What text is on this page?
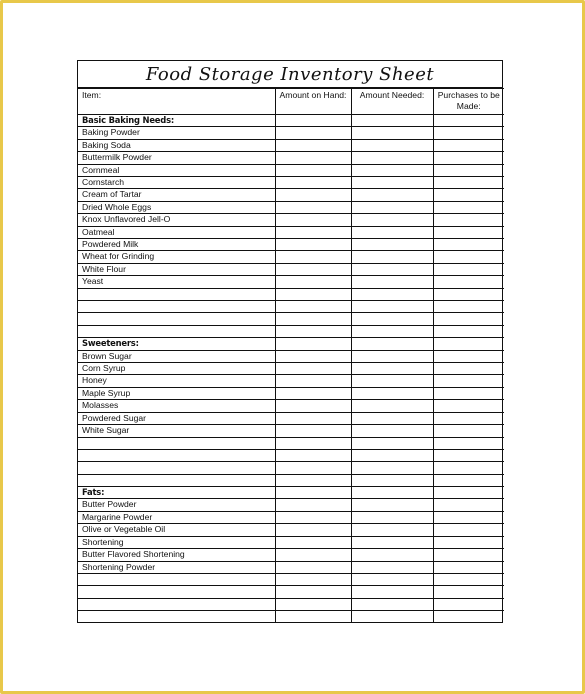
Food Storage Inventory Sheet
Item:	Amount on Hand:	Amount Needed:	Purchases to be Made:
Basic Baking Needs:			
Baking Powder			
Baking Soda			
Buttermilk Powder			
Cornmeal			
Cornstarch			
Cream of Tartar			
Dried Whole Eggs			
Knox Unflavored Jell-O			
Oatmeal			
Powdered Milk			
Wheat for Grinding			
White Flour			
Yeast			

Sweeteners:			
Brown Sugar			
Corn Syrup			
Honey			
Maple Syrup			
Molasses			
Powdered Sugar			
White Sugar			

Fats:			
Butter Powder			
Margarine Powder			
Olive or Vegetable Oil			
Shortening			
Butter Flavored Shortening			
Shortening Powder			
